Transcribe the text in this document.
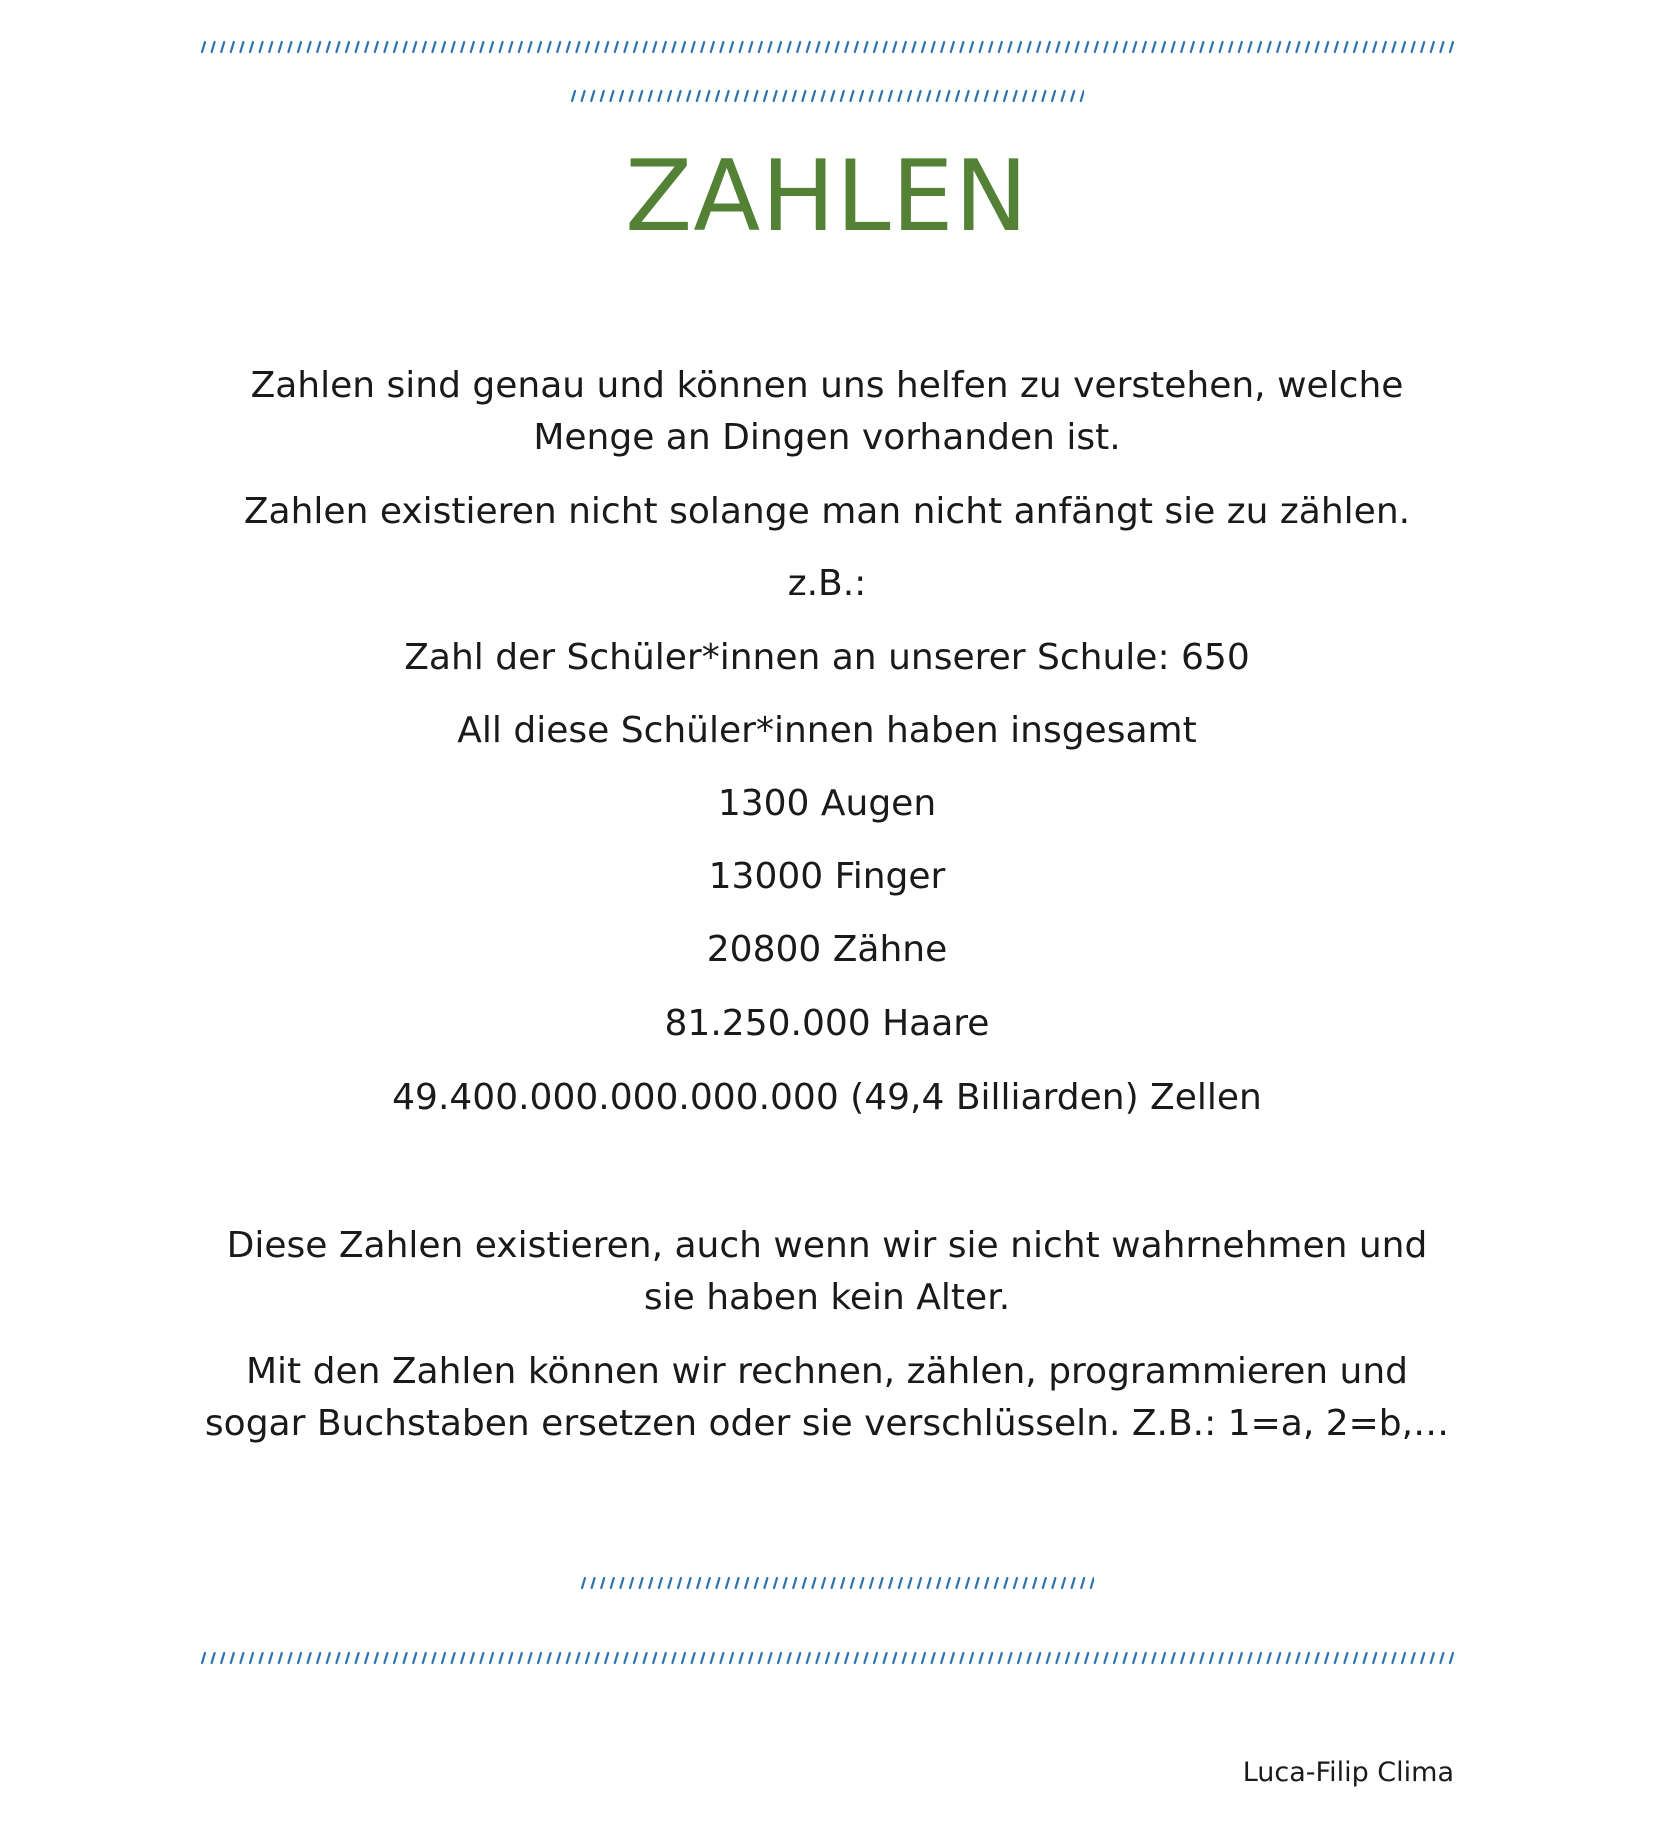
ZAHLEN
Zahlen sind genau und können uns helfen zu verstehen, welche
Menge an Dingen vorhanden ist.
Zahlen existieren nicht solange man nicht anfängt sie zu zählen.
z.B.:
Zahl der Schüler*innen an unserer Schule: 650
All diese Schüler*innen haben insgesamt
1300 Augen
13000 Finger
20800 Zähne
81.250.000 Haare
49.400.000.000.000.000 (49,4 Billiarden) Zellen
Diese Zahlen existieren, auch wenn wir sie nicht wahrnehmen und
sie haben kein Alter.
Mit den Zahlen können wir rechnen, zählen, programmieren und
sogar Buchstaben ersetzen oder sie verschlüsseln. Z.B.: 1=a, 2=b,…
Luca-Filip Clima
